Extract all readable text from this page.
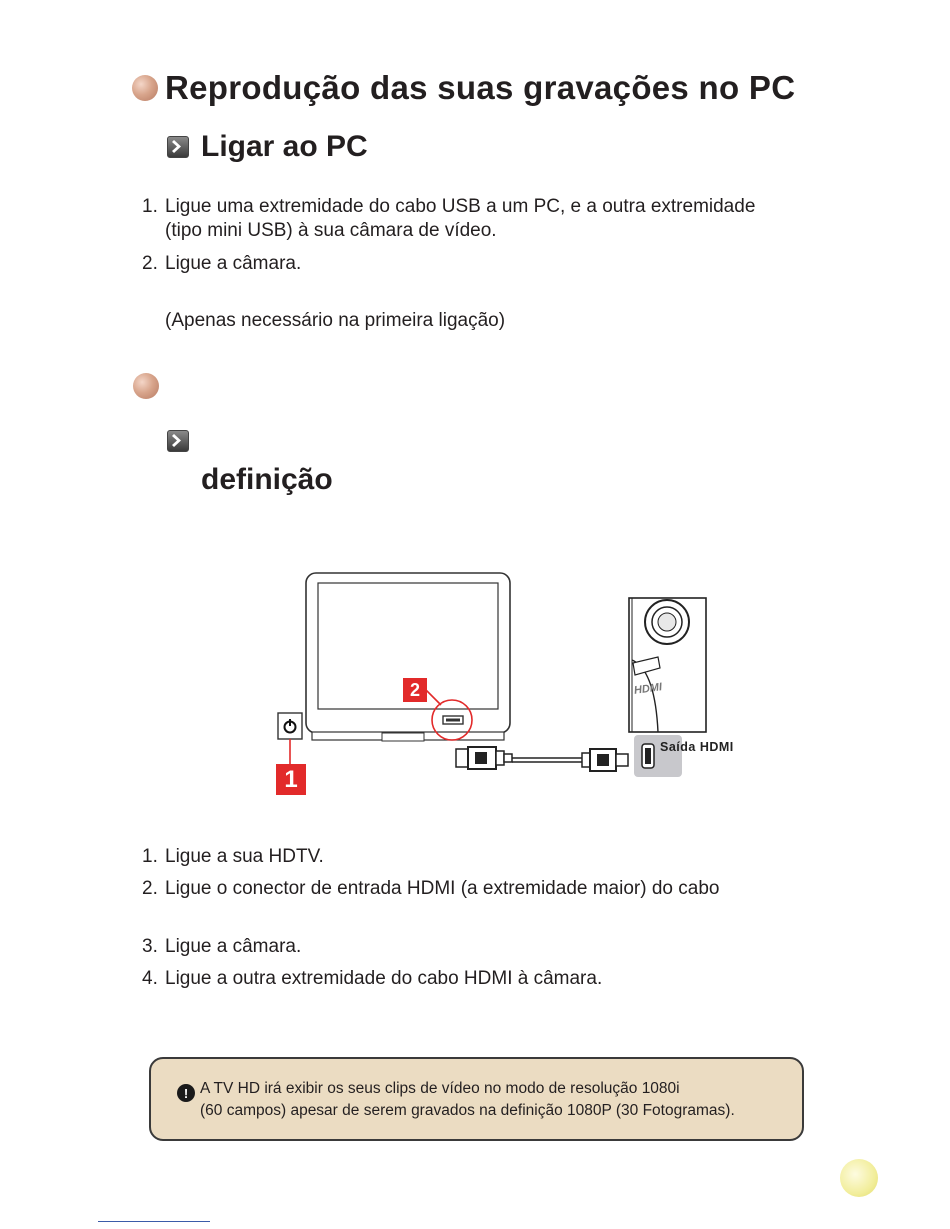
Reprodução das suas gravações no PC
Ligar ao PC
1. Ligue uma extremidade do cabo USB a um PC, e a outra extremidade
(tipo mini USB) à sua câmara de vídeo.
2. Ligue a câmara.
(Apenas necessário na primeira ligação)
definição
HDMI
Saída HDMI
1
2
1. Ligue a sua HDTV.
2. Ligue o conector de entrada HDMI (a extremidade maior) do cabo
3. Ligue a câmara.
4. Ligue a outra extremidade do cabo HDMI à câmara.
! A TV HD irá exibir os seus clips de vídeo no modo de resolução 1080i
(60 campos) apesar de serem gravados na definição 1080P (30 Fotogramas).
